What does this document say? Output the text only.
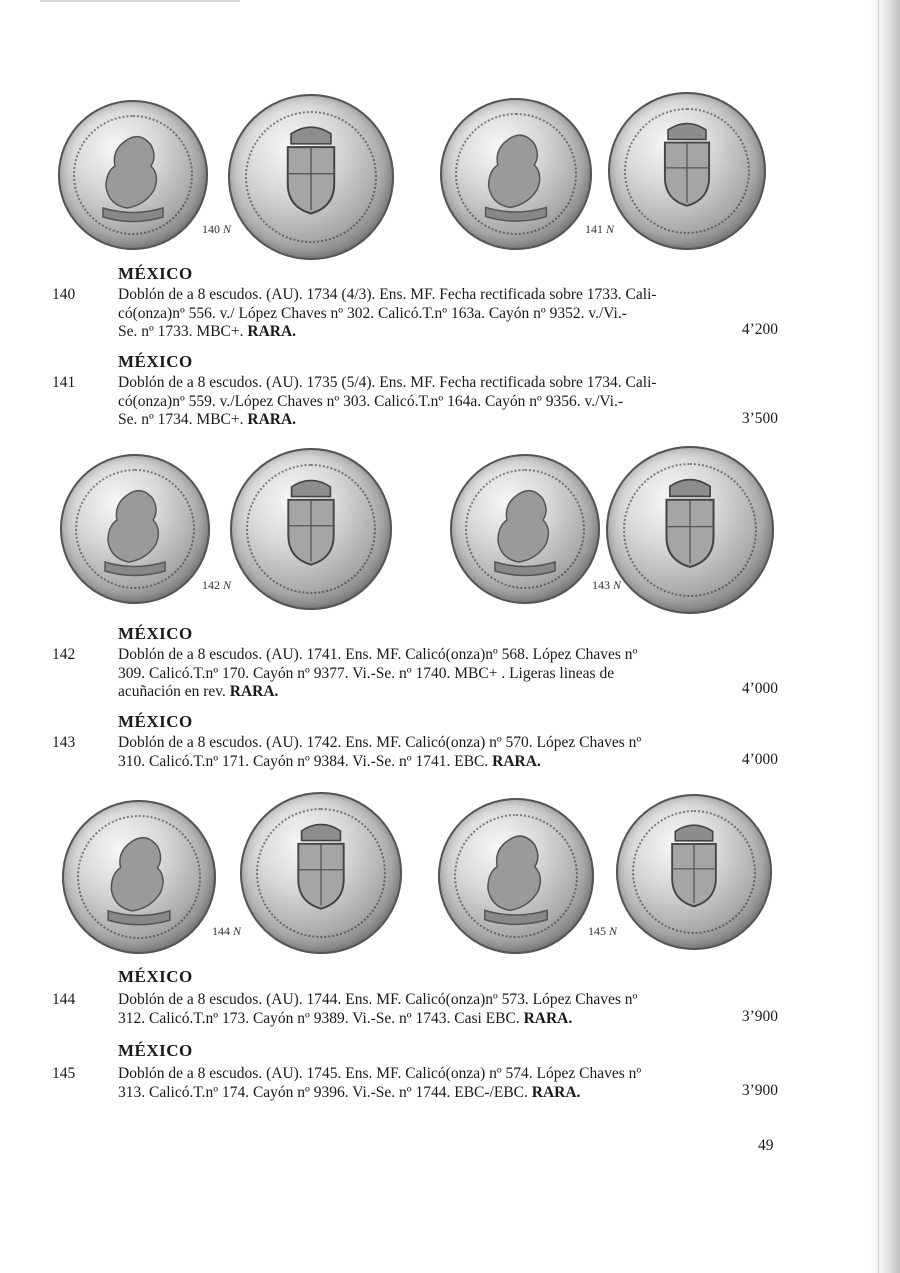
140 N	141 N
MÉXICO
140	Doblón de a 8 escudos. (AU). 1734 (4/3). Ens. MF. Fecha rectificada sobre 1733. Cali-
có(onza)nº 556. v./ López Chaves nº 302. Calicó.T.nº 163a. Cayón nº 9352. v./Vi.-
Se. nº 1733. MBC+. RARA.	4’200
MÉXICO
141	Doblón de a 8 escudos. (AU). 1735 (5/4). Ens. MF. Fecha rectificada sobre 1734. Cali-
có(onza)nº 559. v./López Chaves nº 303. Calicó.T.nº 164a. Cayón nº 9356. v./Vi.-
Se. nº 1734. MBC+. RARA.	3’500
142 N	143 N
MÉXICO
142	Doblón de a 8 escudos. (AU). 1741. Ens. MF. Calicó(onza)nº 568. López Chaves nº
309. Calicó.T.nº 170. Cayón nº 9377. Vi.-Se. nº 1740. MBC+ . Ligeras lineas de
acuñación en rev. RARA.	4’000
MÉXICO
143	Doblón de a 8 escudos. (AU). 1742. Ens. MF. Calicó(onza) nº 570. López Chaves nº
310. Calicó.T.nº 171. Cayón nº 9384. Vi.-Se. nº 1741. EBC. RARA.	4’000
144 N	145 N
MÉXICO
144	Doblón de a 8 escudos. (AU). 1744. Ens. MF. Calicó(onza)nº 573. López Chaves nº
312. Calicó.T.nº 173. Cayón nº 9389. Vi.-Se. nº 1743. Casi EBC. RARA.	3’900
MÉXICO
145	Doblón de a 8 escudos. (AU). 1745. Ens. MF. Calicó(onza) nº 574. López Chaves nº
313. Calicó.T.nº 174. Cayón nº 9396. Vi.-Se. nº 1744. EBC-/EBC. RARA.	3’900
49
